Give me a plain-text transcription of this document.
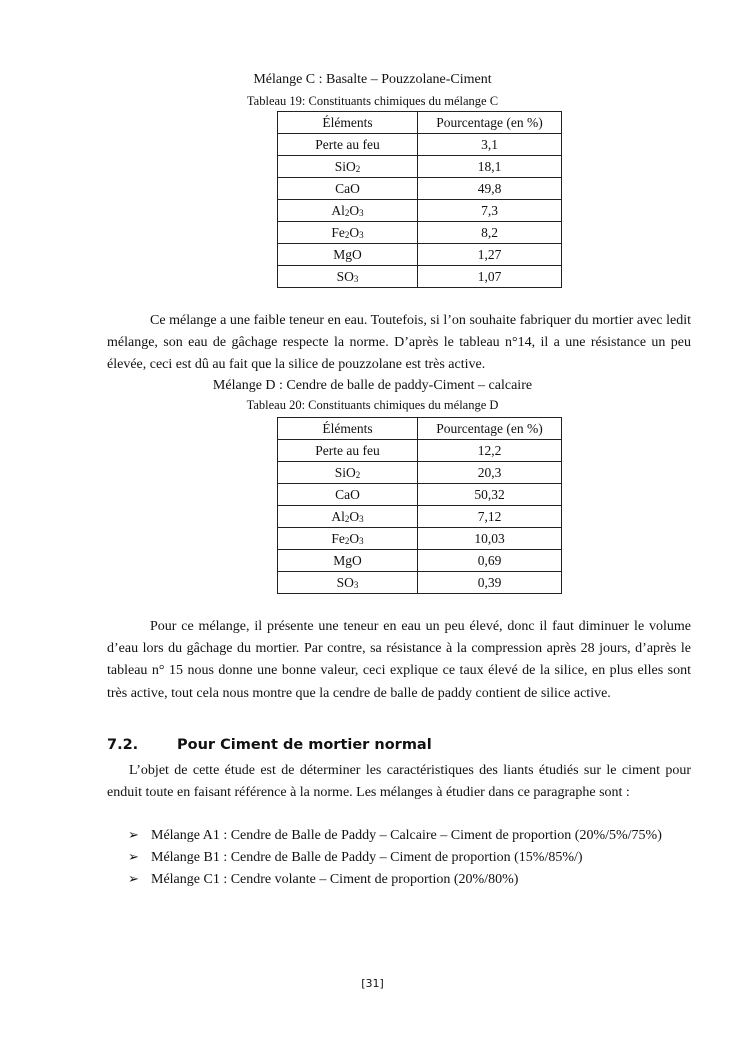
Mélange C : Basalte – Pouzzolane-Ciment
Tableau 19: Constituants chimiques du mélange C
Éléments	Pourcentage (en %)
Perte au feu	3,1
SiO$_2$	18,1
CaO	49,8
$Al_2O_3$	7,3
$Fe_2O_3$	8,2
MgO	1,27
$SO_3$	1,07

Ce mélange a une faible teneur en eau. Toutefois, si l’on souhaite fabriquer du mortier avec ledit mélange, son eau de gâchage respecte la norme. D’après le tableau n°14, il a une résistance un peu élevée, ceci est dû au fait que la silice de pouzzolane est très active.

Mélange D : Cendre de balle de paddy-Ciment – calcaire
Tableau 20: Constituants chimiques du mélange D
Éléments	Pourcentage (en %)
Perte au feu	12,2
SiO$_2$	20,3
CaO	50,32
$Al_2O_3$	7,12
$Fe_2O_3$	10,03
MgO	0,69
$SO_3$	0,39

Pour ce mélange, il présente une teneur en eau un peu élevé, donc il faut diminuer le volume d’eau lors du gâchage du mortier. Par contre, sa résistance à la compression après 28 jours, d’après le tableau n° 15 nous donne une bonne valeur, ceci explique ce taux élevé de la silice, en plus elles sont très active, tout cela nous montre que la cendre de balle de paddy contient de silice active.

7.2.	Pour Ciment de mortier normal

L’objet de cette étude est de déterminer les caractéristiques des liants étudiés sur le ciment pour enduit toute en faisant référence à la norme. Les mélanges à étudier dans ce paragraphe sont :

➢ Mélange A1 : Cendre de Balle de Paddy – Calcaire – Ciment de proportion (20%/5%/75%)
➢ Mélange B1 : Cendre de Balle de Paddy – Ciment de proportion (15%/85%/)
➢ Mélange C1 : Cendre volante – Ciment de proportion (20%/80%)
[31]
